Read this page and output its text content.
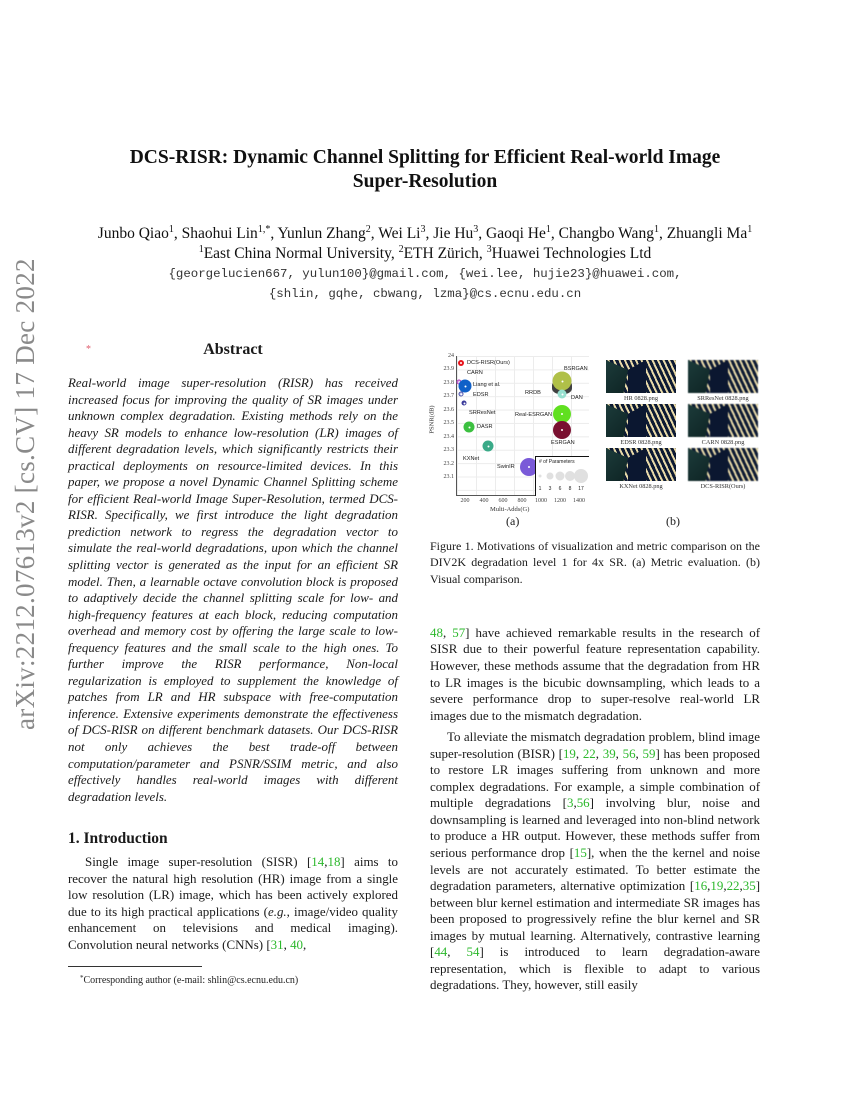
arXiv:2212.07613v2 [cs.CV] 17 Dec 2022
DCS-RISR: Dynamic Channel Splitting for Efficient Real-world Image
Super-Resolution
Junbo Qiao$^1$, Shaohui Lin$^{1,*}$, Yunlun Zhang$^2$, Wei Li$^3$, Jie Hu$^3$, Gaoqi He$^1$, Changbo Wang$^1$, Zhuangli Ma$^1$
$^1$East China Normal University, $^2$ETH Zürich, $^3$Huawei Technologies Ltd
{georgelucien667, yulun100}@gmail.com, {wei.lee, hujie23}@huawei.com,
{shlin, gqhe, cbwang, lzma}@cs.ecnu.edu.cn
*	Abstract
Real-world image super-resolution (RISR) has received increased focus for improving the quality of SR images under unknown complex degradation. Existing methods rely on the heavy SR models to enhance low-resolution (LR) images of different degradation levels, which significantly restricts their practical deployments on resource-limited devices. In this paper, we propose a novel Dynamic Channel Splitting scheme for efficient Real-world Image Super-Resolution, termed DCS-RISR. Specifically, we first introduce the light degradation prediction network to regress the degradation vector to simulate the real-world degradations, upon which the channel splitting vector is generated as the input for an efficient SR model. Then, a learnable octave convolution block is proposed to adaptively decide the channel splitting scale for low- and high-frequency features at each block, reducing computation overhead and memory cost by offering the large scale to low-frequency features and the small scale to the high ones. To further improve the RISR performance, Non-local regularization is employed to supplement the knowledge of patches from LR and HR subspace with free-computation inference. Extensive experiments demonstrate the effectiveness of DCS-RISR on different benchmark datasets. Our DCS-RISR not only achieves the best trade-off between computation/parameter and PSNR/SSIM metric, and also effectively handles real-world images with different degradation levels.
1. Introduction
Single image super-resolution (SISR) [14,18] aims to recover the natural high resolution (HR) image from a single low resolution (LR) image, which has been actively explored due to its high practical applications (e.g., image/video quality enhancement on televisions and medical imaging). Convolution neural networks (CNNs) [31, 40,
*Corresponding author (e-mail: shlin@cs.ecnu.edu.cn)
PSNR(dB)
24
23.9
23.8
23.7
23.6
23.5
23.4
23.3
23.2
23.1
DCS-RISR(Ours)
CARN
Liang et al.
EDSR
SRResNet
DASR
KXNet
SwinIR
BSRGAN
RRDB
DAN
Real-ESRGAN
ESRGAN
# of Parameters
1 3 6 8 17
200 400 600 800 1000 1200 1400
Multi-Adds(G)
(a)
HR 0828.png	SRResNet 0828.png
EDSR 0828.png	CARN 0828.png
KXNet 0828.png	DCS-RISR(Ours)
(b)
Figure 1. Motivations of visualization and metric comparison on the DIV2K degradation level 1 for 4x SR. (a) Metric evaluation. (b) Visual comparison.
48, 57] have achieved remarkable results in the research of SISR due to their powerful feature representation capability. However, these methods assume that the degradation from HR to LR images is the bicubic downsampling, which leads to a severe performance drop to super-resolve real-world LR images due to the mismatch degradation.
To alleviate the mismatch degradation problem, blind image super-resolution (BISR) [19, 22, 39, 56, 59] has been proposed to restore LR images suffering from unknown and more complex degradations. For example, a simple combination of multiple degradations [3,56] involving blur, noise and downsampling is learned and leveraged into non-blind network to produce a HR output. However, these methods suffer from serious performance drop [15], when the the kernel and noise levels are not accurately estimated. To better estimate the degradation parameters, alternative optimization [16,19,22,35] between blur kernel estimation and intermediate SR images has been proposed to progressively refine the blur kernel and SR images by mutual learning. Alternatively, contrastive learning [44, 54] is introduced to learn degradation-aware representation, which is flexible to adapt to various degradations. They, however, still easily
